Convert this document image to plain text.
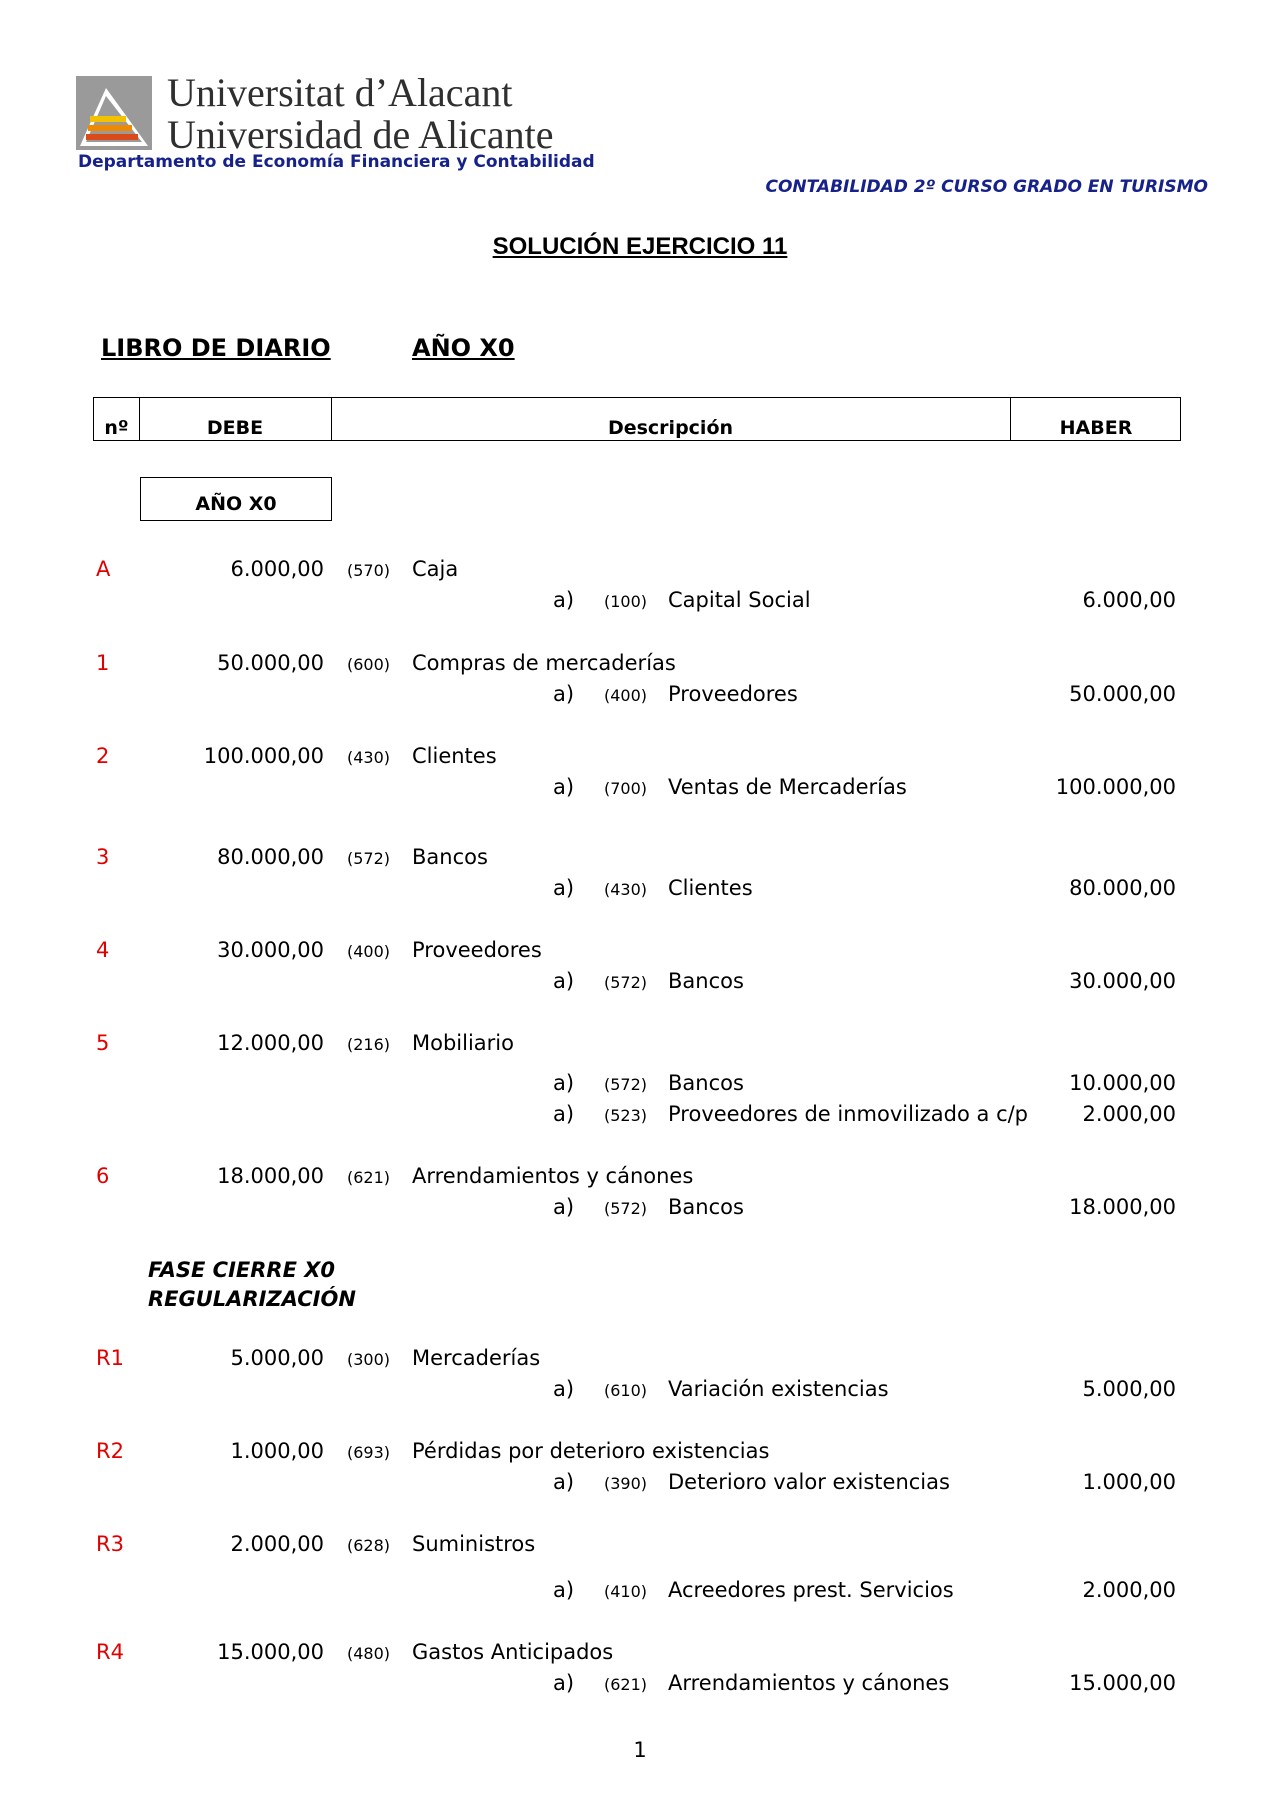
Universitat d’Alacant
Universidad de Alicante
Departamento de Economía Financiera y Contabilidad
CONTABILIDAD 2º CURSO GRADO EN TURISMO
SOLUCIÓN EJERCICIO 11
LIBRO DE DIARIO	AÑO X0
nº	DEBE	Descripción	HABER
AÑO X0
A	6.000,00 (570) Caja
a) (100) Capital Social	6.000,00
1	50.000,00 (600) Compras de mercaderías
a) (400) Proveedores	50.000,00
2	100.000,00 (430) Clientes
a) (700) Ventas de Mercaderías	100.000,00
3	80.000,00 (572) Bancos
a) (430) Clientes	80.000,00
4	30.000,00 (400) Proveedores
a) (572) Bancos	30.000,00
5	12.000,00 (216) Mobiliario
a) (572) Bancos	10.000,00
a) (523) Proveedores de inmovilizado a c/p	2.000,00
6	18.000,00 (621) Arrendamientos y cánones
a) (572) Bancos	18.000,00
FASE CIERRE X0
REGULARIZACIÓN
R1	5.000,00 (300) Mercaderías
a) (610) Variación existencias	5.000,00
R2	1.000,00 (693) Pérdidas por deterioro existencias
a) (390) Deterioro valor existencias	1.000,00
R3	2.000,00 (628) Suministros
a) (410) Acreedores prest. Servicios	2.000,00
R4	15.000,00 (480) Gastos Anticipados
a) (621) Arrendamientos y cánones	15.000,00
1
